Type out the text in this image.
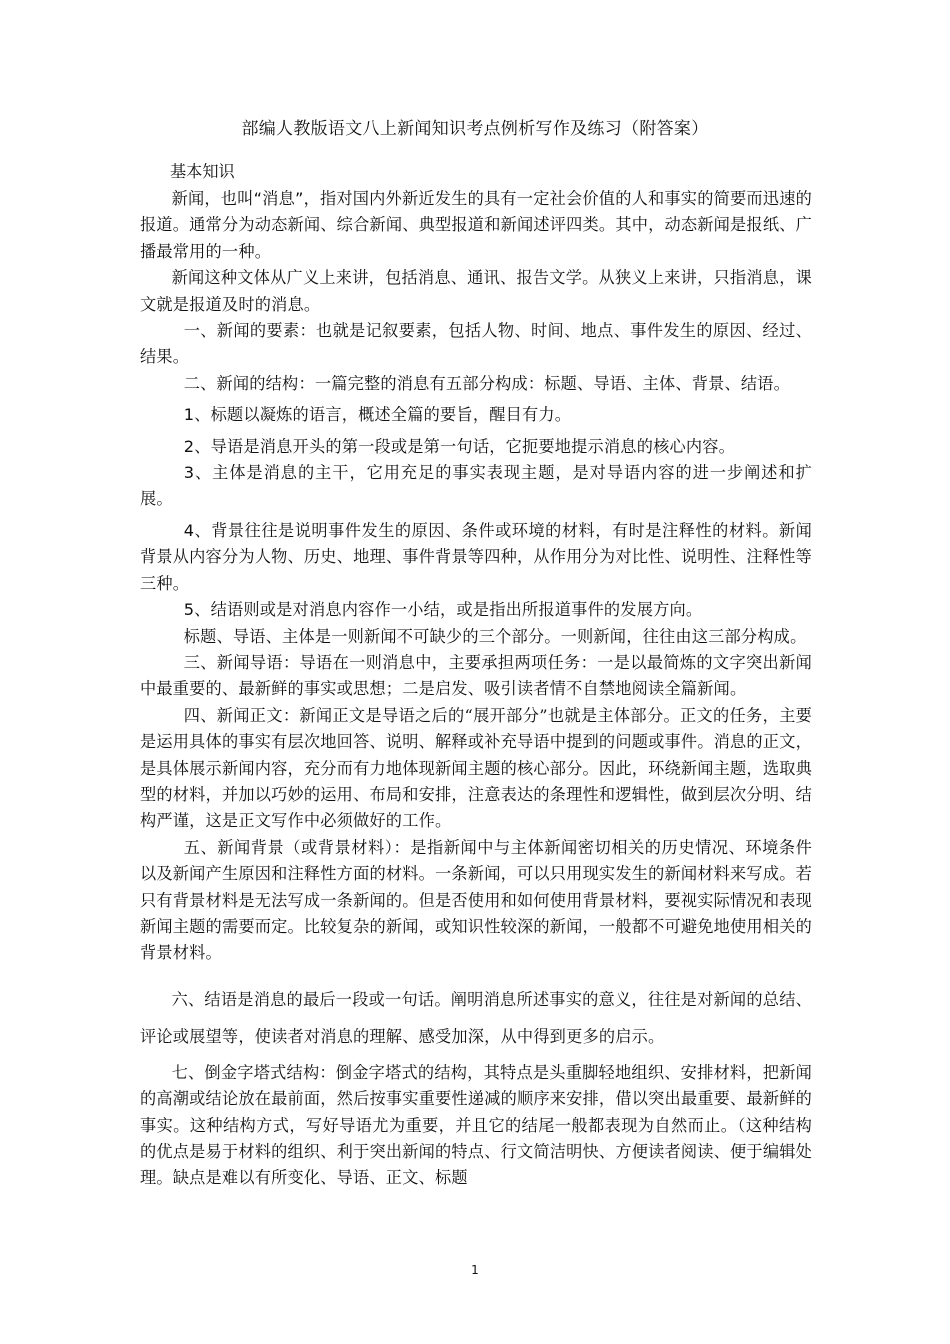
部编人教版语文八上新闻知识考点例析写作及练习（附答案）

基本知识

新闻，也叫“消息”，指对国内外新近发生的具有一定社会价值的人和事实的简要而迅速的报道。通常分为动态新闻、综合新闻、典型报道和新闻述评四类。其中，动态新闻是报纸、广播最常用的一种。

新闻这种文体从广义上来讲，包括消息、通讯、报告文学。从狭义上来讲，只指消息，课文就是报道及时的消息。

一、新闻的要素：也就是记叙要素，包括人物、时间、地点、事件发生的原因、经过、结果。

二、新闻的结构：一篇完整的消息有五部分构成：标题、导语、主体、背景、结语。

1、标题以凝炼的语言，概述全篇的要旨，醒目有力。

2、导语是消息开头的第一段或是第一句话，它扼要地提示消息的核心内容。

3、主体是消息的主干，它用充足的事实表现主题，是对导语内容的进一步阐述和扩展。

4、背景往往是说明事件发生的原因、条件或环境的材料，有时是注释性的材料。新闻背景从内容分为人物、历史、地理、事件背景等四种，从作用分为对比性、说明性、注释性等三种。

5、结语则或是对消息内容作一小结，或是指出所报道事件的发展方向。

标题、导语、主体是一则新闻不可缺少的三个部分。一则新闻，往往由这三部分构成。

三、新闻导语：导语在一则消息中，主要承担两项任务：一是以最简炼的文字突出新闻中最重要的、最新鲜的事实或思想；二是启发、吸引读者情不自禁地阅读全篇新闻。

四、新闻正文：新闻正文是导语之后的“展开部分”也就是主体部分。正文的任务，主要是运用具体的事实有层次地回答、说明、解释或补充导语中提到的问题或事件。消息的正文，是具体展示新闻内容，充分而有力地体现新闻主题的核心部分。因此，环绕新闻主题，选取典型的材料，并加以巧妙的运用、布局和安排，注意表达的条理性和逻辑性，做到层次分明、结构严谨，这是正文写作中必须做好的工作。

五、新闻背景（或背景材料）：是指新闻中与主体新闻密切相关的历史情况、环境条件以及新闻产生原因和注释性方面的材料。一条新闻，可以只用现实发生的新闻材料来写成。若只有背景材料是无法写成一条新闻的。但是否使用和如何使用背景材料，要视实际情况和表现新闻主题的需要而定。比较复杂的新闻，或知识性较深的新闻，一般都不可避免地使用相关的背景材料。

六、结语是消息的最后一段或一句话。阐明消息所述事实的意义，往往是对新闻的总结、评论或展望等，使读者对消息的理解、感受加深，从中得到更多的启示。

七、倒金字塔式结构：倒金字塔式的结构，其特点是头重脚轻地组织、安排材料，把新闻的高潮或结论放在最前面，然后按事实重要性递减的顺序来安排，借以突出最重要、最新鲜的事实。这种结构方式，写好导语尤为重要，并且它的结尾一般都表现为自然而止。（这种结构的优点是易于材料的组织、利于突出新闻的特点、行文简洁明快、方便读者阅读、便于编辑处理。缺点是难以有所变化、导语、正文、标题

1
